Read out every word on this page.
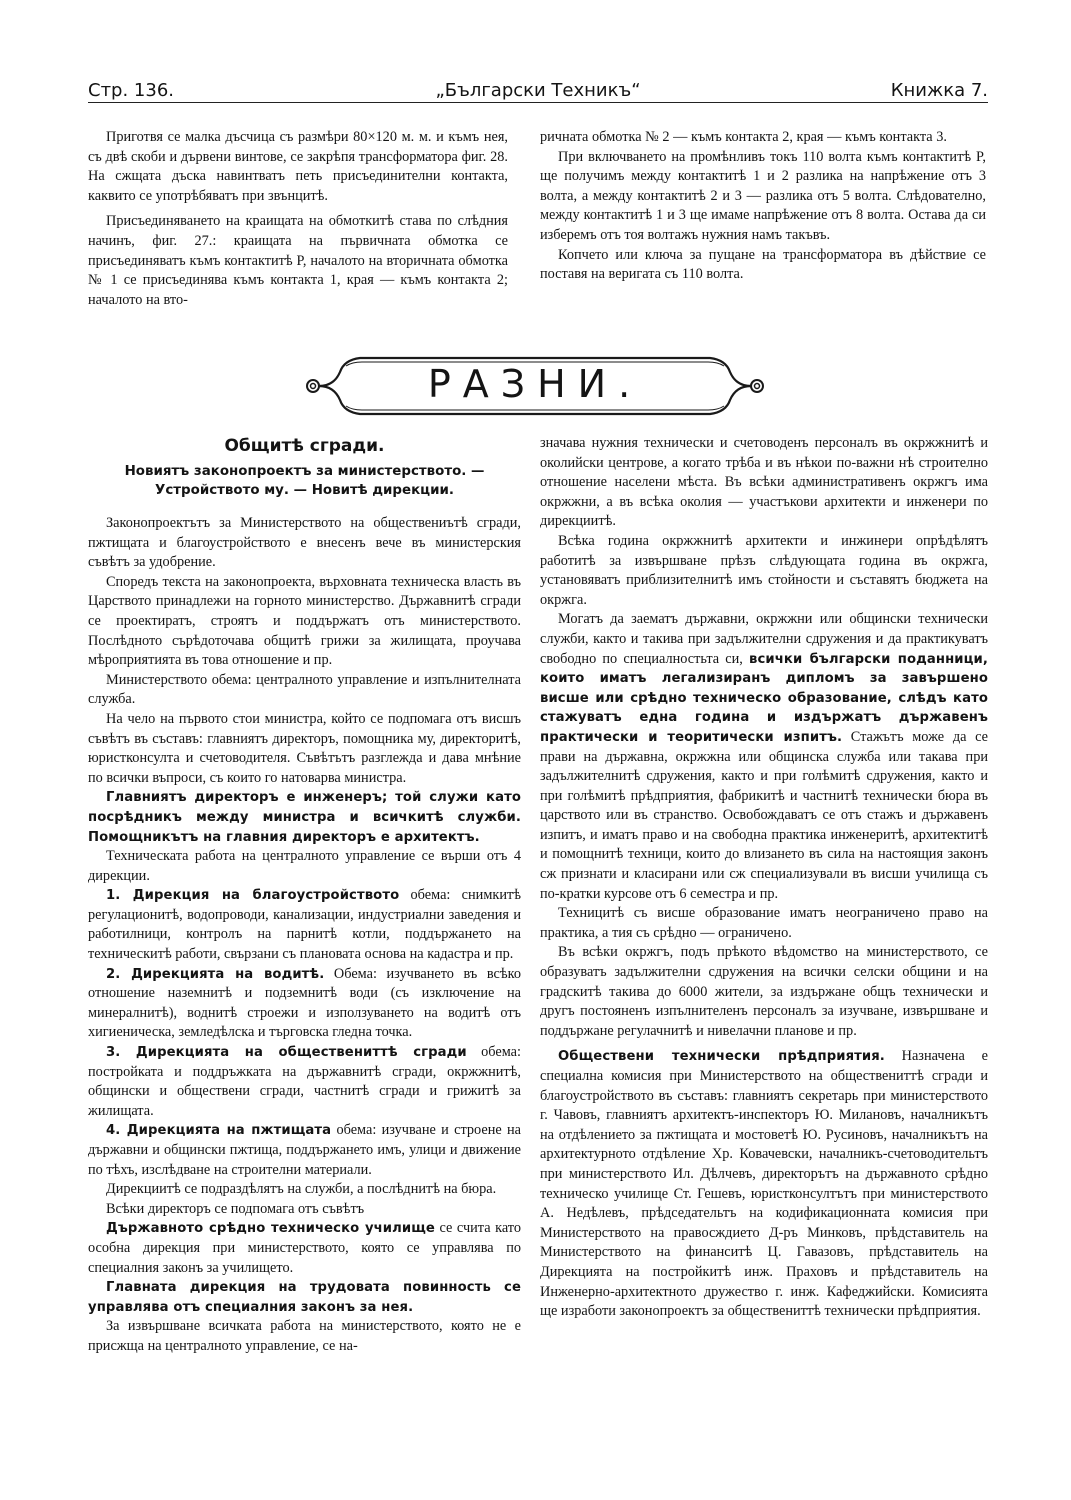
Стр. 136.	„Български Техникъ“	Книжка 7.

Приготвя се малка дъсчица съ размѣри 80×120 м. м. и къмъ нея, съ двѣ скоби и дървени винтове, се закрѣпя трансформатора фиг. 28. На сжщата дъска навинтватъ петь присъединителни контакта, каквито се употрѣбяватъ при звънцитѣ.

Присъединяването на краищата на обмоткитѣ става по слѣдния начинъ, фиг. 27.: краищата на първичната обмотка се присъединяватъ къмъ контактитѣ P, началото на вторичната обмотка № 1 се присъединява къмъ контакта 1, края — къмъ контакта 2; началото на вто-

ричната обмотка № 2 — къмъ контакта 2, края — къмъ контакта 3.

При включването на промѣнливъ токъ 110 волта къмъ контактитѣ P, ще получимъ между контактитѣ 1 и 2 разлика на напрѣжение отъ 3 волта, а между контактитѣ 2 и 3 — разлика отъ 5 волта. Слѣдователно, между контактитѣ 1 и 3 ще имаме напрѣжение отъ 8 волта. Остава да си изберемъ отъ тоя волтажъ нужния намъ такъвъ.

Копчето или ключа за пущане на трансформатора въ дѣйствие се поставя на веригата съ 110 волта.

РАЗНИ.
Общитѣ сгради.
Новиятъ законопроектъ за министерството. — Устройството му. — Новитѣ дирекции.

Законопроектътъ за Министерството на обществениътѣ сгради, пжтищата и благоустройството е внесенъ вече въ министерския съвѣтъ за удобрение.

Споредъ текста на законопроекта, върховната техническа власть въ Царството принадлежи на горното министерство. Държавнитѣ сгради се проектиратъ, строятъ и поддържатъ отъ министерството. Послѣдното сърѣдоточава общитѣ грижи за жилищата, проучава мѣроприятията въ това отношение и пр.

Министерството обема: централното управление и изпълнителната служба.

На чело на първото стои министра, който се подпомага отъ висшъ съвѣтъ въ съставъ: главниятъ директоръ, помощника му, директоритѣ, юристконсулта и счетоводителя. Съвѣтътъ разглежда и дава мнѣние по всички въпроси, съ които го натоварва министра.

Главниятъ директоръ е инженеръ; той служи като посрѣдникъ между министра и всичкитѣ служби. Помощникътъ на главния директоръ е архитектъ.

Техническата работа на централното управление се върши отъ 4 дирекции.

1. Дирекция на благоустройството обема: снимкитѣ регулационитѣ, водопроводи, канализации, индустриални заведения и работилници, контролъ на парнитѣ котли, поддържането на техническитѣ работи, свързани съ плановата основа на кадастра и пр.

2. Дирекцията на водитѣ. Обема: изучването въ всѣко отношение наземнитѣ и подземнитѣ води (съ изключение на минералнитѣ), воднитѣ строежи и използуването на водитѣ отъ хигиеническа, земледѣлска и търговска гледна точка.

3. Дирекцията на обществениттѣ сгради обема: постройката и поддръжката на държавнитѣ сгради, окржжнитѣ, общински и обществени сгради, частнитѣ сгради и грижитѣ за жилищата.

4. Дирекцията на пжтищата обема: изучване и строене на държавни и общински пжтища, поддържането имъ, улици и движение по тѣхъ, изслѣдване на строителни материали.

Дирекциитѣ се подраздѣлятъ на служби, а послѣднитѣ на бюра.

Всѣки директоръ се подпомага отъ съвѣтъ

Държавното срѣдно техническо училище се счита като особна дирекция при министерството, която се управлява по специалния законъ за училището.

Главната дирекция на трудовата повинность се управлява отъ специалния законъ за нея.

За извършване всичката работа на министерството, която не е присжща на централното управление, се на-

значава нужния технически и счетоводенъ персоналъ въ окржжнитѣ и околийски центрове, а когато трѣба и въ нѣкои по-важни нѣ строително отношение населени мѣста. Въ всѣки административенъ окржгъ има окржжни, а въ всѣка околия — участъкови архитекти и инженери по дирекциитѣ.

Всѣка година окржжнитѣ архитекти и инжинери опрѣдѣлятъ работитѣ за извършване прѣзъ слѣдующата година въ окржга, установяватъ приблизителнитѣ имъ стойности и съставятъ бюджета на окржга.

Могатъ да заематъ държавни, окржжни или общински технически служби, както и такива при задължителни сдружения и да практикуватъ свободно по специалностьта си, всички български поданници, които иматъ легализиранъ дипломъ за завършено висше или срѣдно техническо образование, слѣдъ като стажуватъ една година и издържатъ държавенъ практически и теоритически изпитъ. Стажътъ може да се прави на държавна, окржжна или общинска служба или такава при задължителнитѣ сдружения, както и при голѣмитѣ сдружения, както и при голѣмитѣ прѣдприятия, фабрикитѣ и частнитѣ технически бюра въ царството или въ странство. Освобождаватъ се отъ стажъ и държавенъ изпитъ, и иматъ право и на свободна практика инженеритѣ, архитектитѣ и помощнитѣ техници, които до влизането въ сила на настоящия законъ сж признати и класирани или сж специализували въ висши училища съ по-кратки курсове отъ 6 семестра и пр.

Техницитѣ съ висше образование иматъ неограничено право на практика, а тия съ срѣдно — ограничено.

Въ всѣки окржгъ, подъ прѣкото вѣдомство на министерството, се образуватъ задължителни сдружения на всички селски общини и на градскитѣ такива до 6000 жители, за издържане общъ технически и другъ постояненъ изпълнителенъ персоналъ за изучване, извършване и поддържане регулачнитѣ и нивелачни планове и пр.

Обществени технически прѣдприятия. Назначена е специална комисия при Министерството на обществениттѣ сгради и благоустройството въ съставъ: главниятъ секретарь при министерството г. Чавовъ, главниятъ архитектъ-инспекторъ Ю. Милановъ, началникътъ на отдѣлението за пжтищата и мостоветѣ Ю. Русиновъ, началникътъ на архитектурното отдѣление Хр. Ковачевски, началникъ-счетоводительтъ при министерството Ил. Дѣлчевъ, директорътъ на държавното срѣдно техническо училище Ст. Гешевъ, юристконсултътъ при министерството А. Недѣлевъ, прѣдседательтъ на кодификационната комисия при Министерството на правосждието Д-ръ Минковъ, прѣдставитель на Министерството на финанситѣ Ц. Гавазовъ, прѣдставитель на Дирекцията на постройкитѣ инж. Праховъ и прѣдставитель на Инженерно-архитектното дружество г. инж. Кафеджийски. Комисията ще изработи законопроектъ за обществениттѣ технически прѣдприятия.
